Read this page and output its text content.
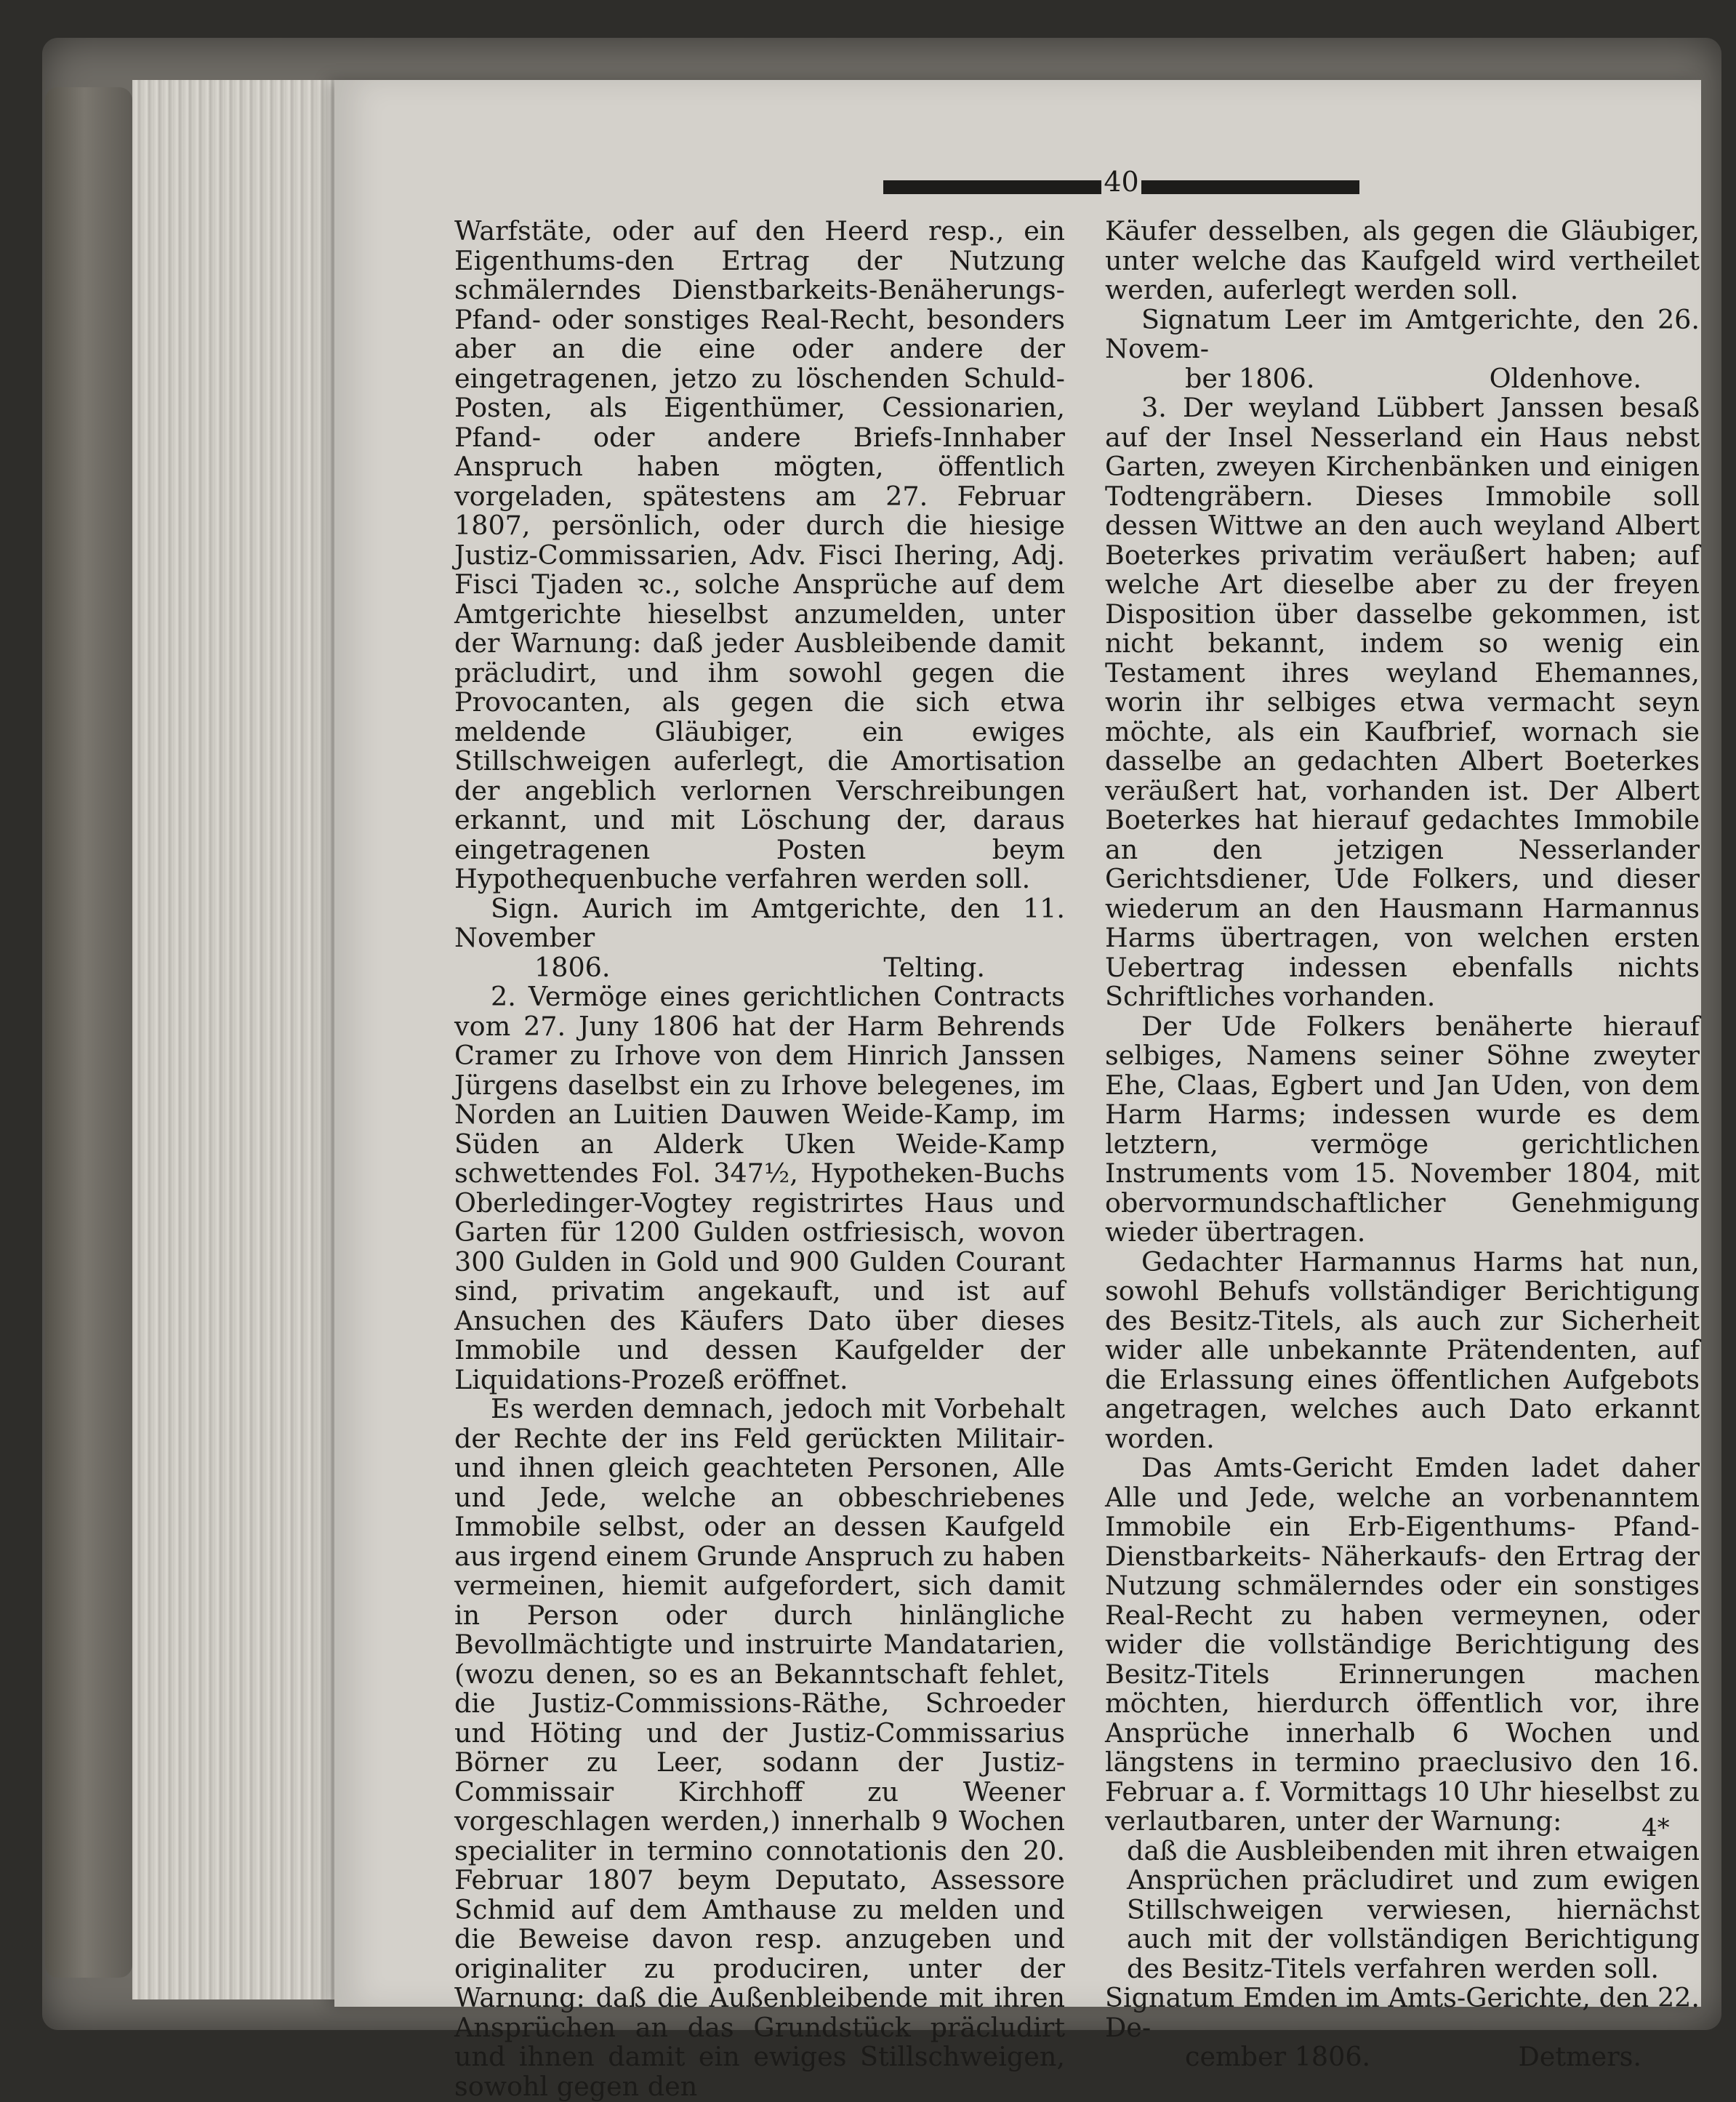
40

Warfstäte, oder auf den Heerd resp., ein Eigenthums-den Ertrag der Nutzung schmälerndes Dienstbarkeits-Benäherungs-Pfand- oder sonstiges Real-Recht, besonders aber an die eine oder andere der eingetragenen, jetzo zu löschenden Schuld-Posten, als Eigenthümer, Cessionarien, Pfand- oder andere Briefs-Innhaber Anspruch haben mögten, öffentlich vorgeladen, spätestens am 27. Februar 1807, persönlich, oder durch die hiesige Justiz-Commissarien, Adv. Fisci Ihering, Adj. Fisci Tjaden ꝛc., solche Ansprüche auf dem Amtgerichte hieselbst anzumelden, unter der Warnung: daß jeder Ausbleibende damit präcludirt, und ihm sowohl gegen die Provocanten, als gegen die sich etwa meldende Gläubiger, ein ewiges Stillschweigen auferlegt, die Amortisation der angeblich verlornen Verschreibungen erkannt, und mit Löschung der, daraus eingetragenen Posten beym Hypothequenbuche verfahren werden soll.

Sign. Aurich im Amtgerichte, den 11. November

1806.	Telting.

2. Vermöge eines gerichtlichen Contracts vom 27. Juny 1806 hat der Harm Behrends Cramer zu Irhove von dem Hinrich Janssen Jürgens daselbst ein zu Irhove belegenes, im Norden an Luitien Dauwen Weide-Kamp, im Süden an Alderk Uken Weide-Kamp schwettendes Fol. 347½, Hypotheken-Buchs Oberledinger-Vogtey registrirtes Haus und Garten für 1200 Gulden ostfriesisch, wovon 300 Gulden in Gold und 900 Gulden Courant sind, privatim angekauft, und ist auf Ansuchen des Käufers Dato über dieses Immobile und dessen Kaufgelder der Liquidations-Prozeß eröffnet.

Es werden demnach, jedoch mit Vorbehalt der Rechte der ins Feld gerückten Militair- und ihnen gleich geachteten Personen, Alle und Jede, welche an obbeschriebenes Immobile selbst, oder an dessen Kaufgeld aus irgend einem Grunde Anspruch zu haben vermeinen, hiemit aufgefordert, sich damit in Person oder durch hinlängliche Bevollmächtigte und instruirte Mandatarien, (wozu denen, so es an Bekanntschaft fehlet, die Justiz-Commissions-Räthe, Schroeder und Höting und der Justiz-Commissarius Börner zu Leer, sodann der Justiz-Commissair Kirchhoff zu Weener vorgeschlagen werden,) innerhalb 9 Wochen specialiter in termino connotationis den 20. Februar 1807 beym Deputato, Assessore Schmid auf dem Amthause zu melden und die Beweise davon resp. anzugeben und originaliter zu produciren, unter der Warnung: daß die Außenbleibende mit ihren Ansprüchen an das Grundstück präcludirt und ihnen damit ein ewiges Stillschweigen, sowohl gegen den

Käufer desselben, als gegen die Gläubiger, unter welche das Kaufgeld wird vertheilet werden, auferlegt werden soll.

Signatum Leer im Amtgerichte, den 26. Novem-

ber 1806.	Oldenhove.

3. Der weyland Lübbert Janssen besaß auf der Insel Nesserland ein Haus nebst Garten, zweyen Kirchenbänken und einigen Todtengräbern. Dieses Immobile soll dessen Wittwe an den auch weyland Albert Boeterkes privatim veräußert haben; auf welche Art dieselbe aber zu der freyen Disposition über dasselbe gekommen, ist nicht bekannt, indem so wenig ein Testament ihres weyland Ehemannes, worin ihr selbiges etwa vermacht seyn möchte, als ein Kaufbrief, wornach sie dasselbe an gedachten Albert Boeterkes veräußert hat, vorhanden ist. Der Albert Boeterkes hat hierauf gedachtes Immobile an den jetzigen Nesserlander Gerichtsdiener, Ude Folkers, und dieser wiederum an den Hausmann Harmannus Harms übertragen, von welchen ersten Uebertrag indessen ebenfalls nichts Schriftliches vorhanden.

Der Ude Folkers benäherte hierauf selbiges, Namens seiner Söhne zweyter Ehe, Claas, Egbert und Jan Uden, von dem Harm Harms; indessen wurde es dem letztern, vermöge gerichtlichen Instruments vom 15. November 1804, mit obervormundschaftlicher Genehmigung wieder übertragen.

Gedachter Harmannus Harms hat nun, sowohl Behufs vollständiger Berichtigung des Besitz-Titels, als auch zur Sicherheit wider alle unbekannte Prätendenten, auf die Erlassung eines öffentlichen Aufgebots angetragen, welches auch Dato erkannt worden.

Das Amts-Gericht Emden ladet daher Alle und Jede, welche an vorbenanntem Immobile ein Erb-Eigenthums- Pfand- Dienstbarkeits- Näherkaufs- den Ertrag der Nutzung schmälerndes oder ein sonstiges Real-Recht zu haben vermeynen, oder wider die vollständige Berichtigung des Besitz-Titels Erinnerungen machen möchten, hierdurch öffentlich vor, ihre Ansprüche innerhalb 6 Wochen und längstens in termino praeclusivo den 16. Februar a. f. Vormittags 10 Uhr hieselbst zu verlautbaren, unter der Warnung:

daß die Ausbleibenden mit ihren etwaigen Ansprüchen präcludiret und zum ewigen Stillschweigen verwiesen, hiernächst auch mit der vollständigen Berichtigung des Besitz-Titels verfahren werden soll.

Signatum Emden im Amts-Gerichte, den 22. De-

cember 1806.	Detmers.

4*
